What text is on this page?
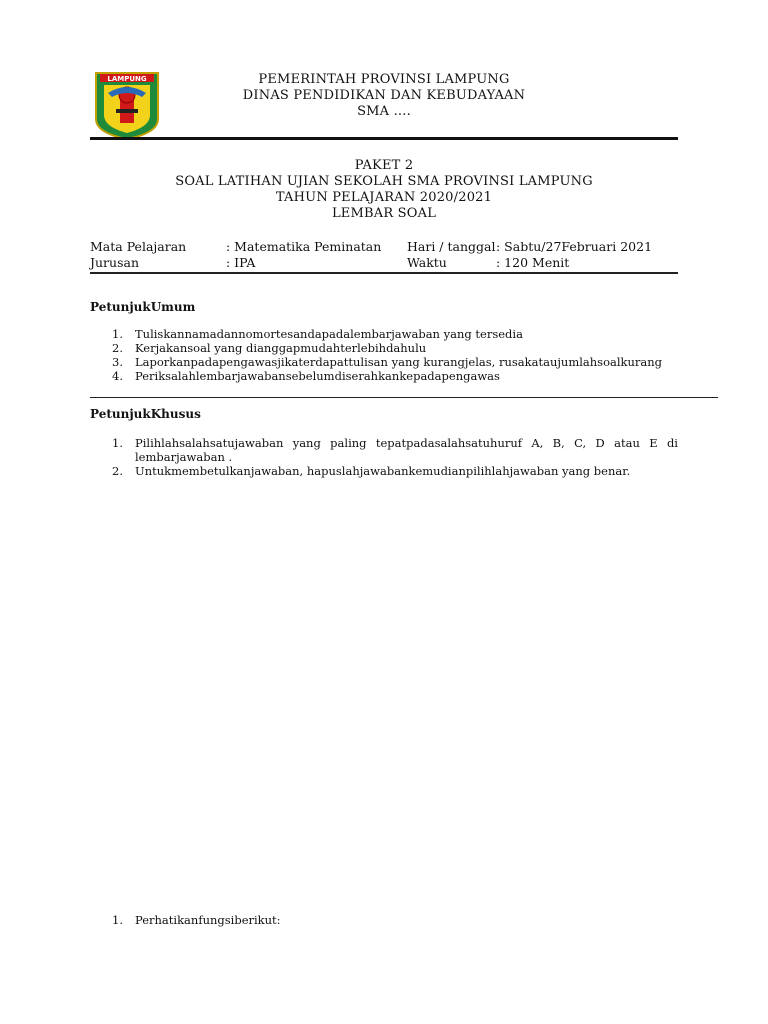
LAMPUNG	PEMERINTAH PROVINSI LAMPUNG
DINAS PENDIDIKAN DAN KEBUDAYAAN
SMA ....
PAKET 2
SOAL LATIHAN UJIAN SEKOLAH SMA PROVINSI LAMPUNG
TAHUN PELAJARAN 2020/2021
LEMBAR SOAL
Mata Pelajaran	: Matematika Peminatan Hari / tanggal : Sabtu/27Februari 2021
Jurusan	: IPA	Waktu	: 120 Menit
PetunjukUmum
1. Tuliskannamadannomortesandapadalembarjawaban yang tersedia
2. Kerjakansoal yang dianggapmudahterlebihdahulu
3. Laporkanpadapengawasjikaterdapattulisan yang kurangjelas, rusakataujumlahsoalkurang
4. Periksalahlembarjawabansebelumdiserahkankepadapengawas
PetunjukKhusus
1. Pilihlahsalahsatujawaban yang paling tepatpadasalahsatuhuruf A, B, C, D atau E di
lembarjawaban .
2. Untukmembetulkanjawaban, hapuslahjawabankemudianpilihlahjawaban yang benar.
1. Perhatikanfungsiberikut:
